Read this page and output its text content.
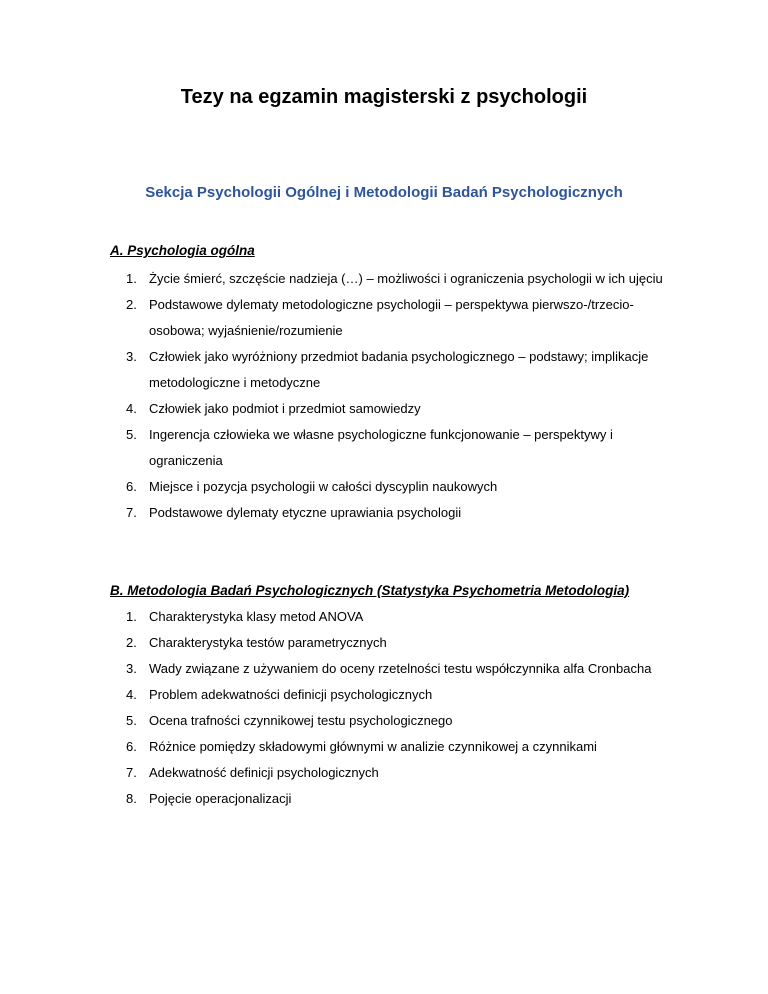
Tezy na egzamin magisterski z psychologii
Sekcja Psychologii Ogólnej i Metodologii Badań Psychologicznych
A. Psychologia ogólna
1. Życie śmierć, szczęście nadzieja (…) – możliwości i ograniczenia psychologii w ich ujęciu
2. Podstawowe dylematy metodologiczne psychologii – perspektywa pierwszo-/trzecio- osobowa; wyjaśnienie/rozumienie
3. Człowiek jako wyróżniony przedmiot badania psychologicznego – podstawy; implikacje metodologiczne i metodyczne
4. Człowiek jako podmiot i przedmiot samowiedzy
5. Ingerencja człowieka we własne psychologiczne funkcjonowanie – perspektywy i ograniczenia
6. Miejsce i pozycja psychologii w całości dyscyplin naukowych
7. Podstawowe dylematy etyczne uprawiania psychologii
B. Metodologia Badań Psychologicznych (Statystyka Psychometria Metodologia)
1. Charakterystyka klasy metod ANOVA
2. Charakterystyka testów parametrycznych
3. Wady związane z używaniem do oceny rzetelności testu współczynnika alfa Cronbacha
4. Problem adekwatności definicji psychologicznych
5. Ocena trafności czynnikowej testu psychologicznego
6. Różnice pomiędzy składowymi głównymi w analizie czynnikowej a czynnikami
7. Adekwatność definicji psychologicznych
8. Pojęcie operacjonalizacji
